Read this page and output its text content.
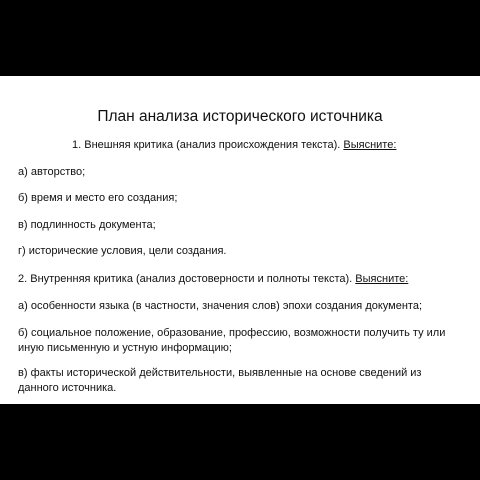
План анализа исторического источника
1. Внешняя критика (анализ происхождения текста). Выясните:
а) авторство;
б) время и место его создания;
в) подлинность документа;
г) исторические условия, цели создания.
2. Внутренняя критика (анализ достоверности и полноты текста). Выясните:
а) особенности языка (в частности, значения слов) эпохи создания документа;
б) социальное положение, образование, профессию, возможности получить ту или иную письменную и устную информацию;
в) факты исторической действительности, выявленные на основе сведений из данного источника.
